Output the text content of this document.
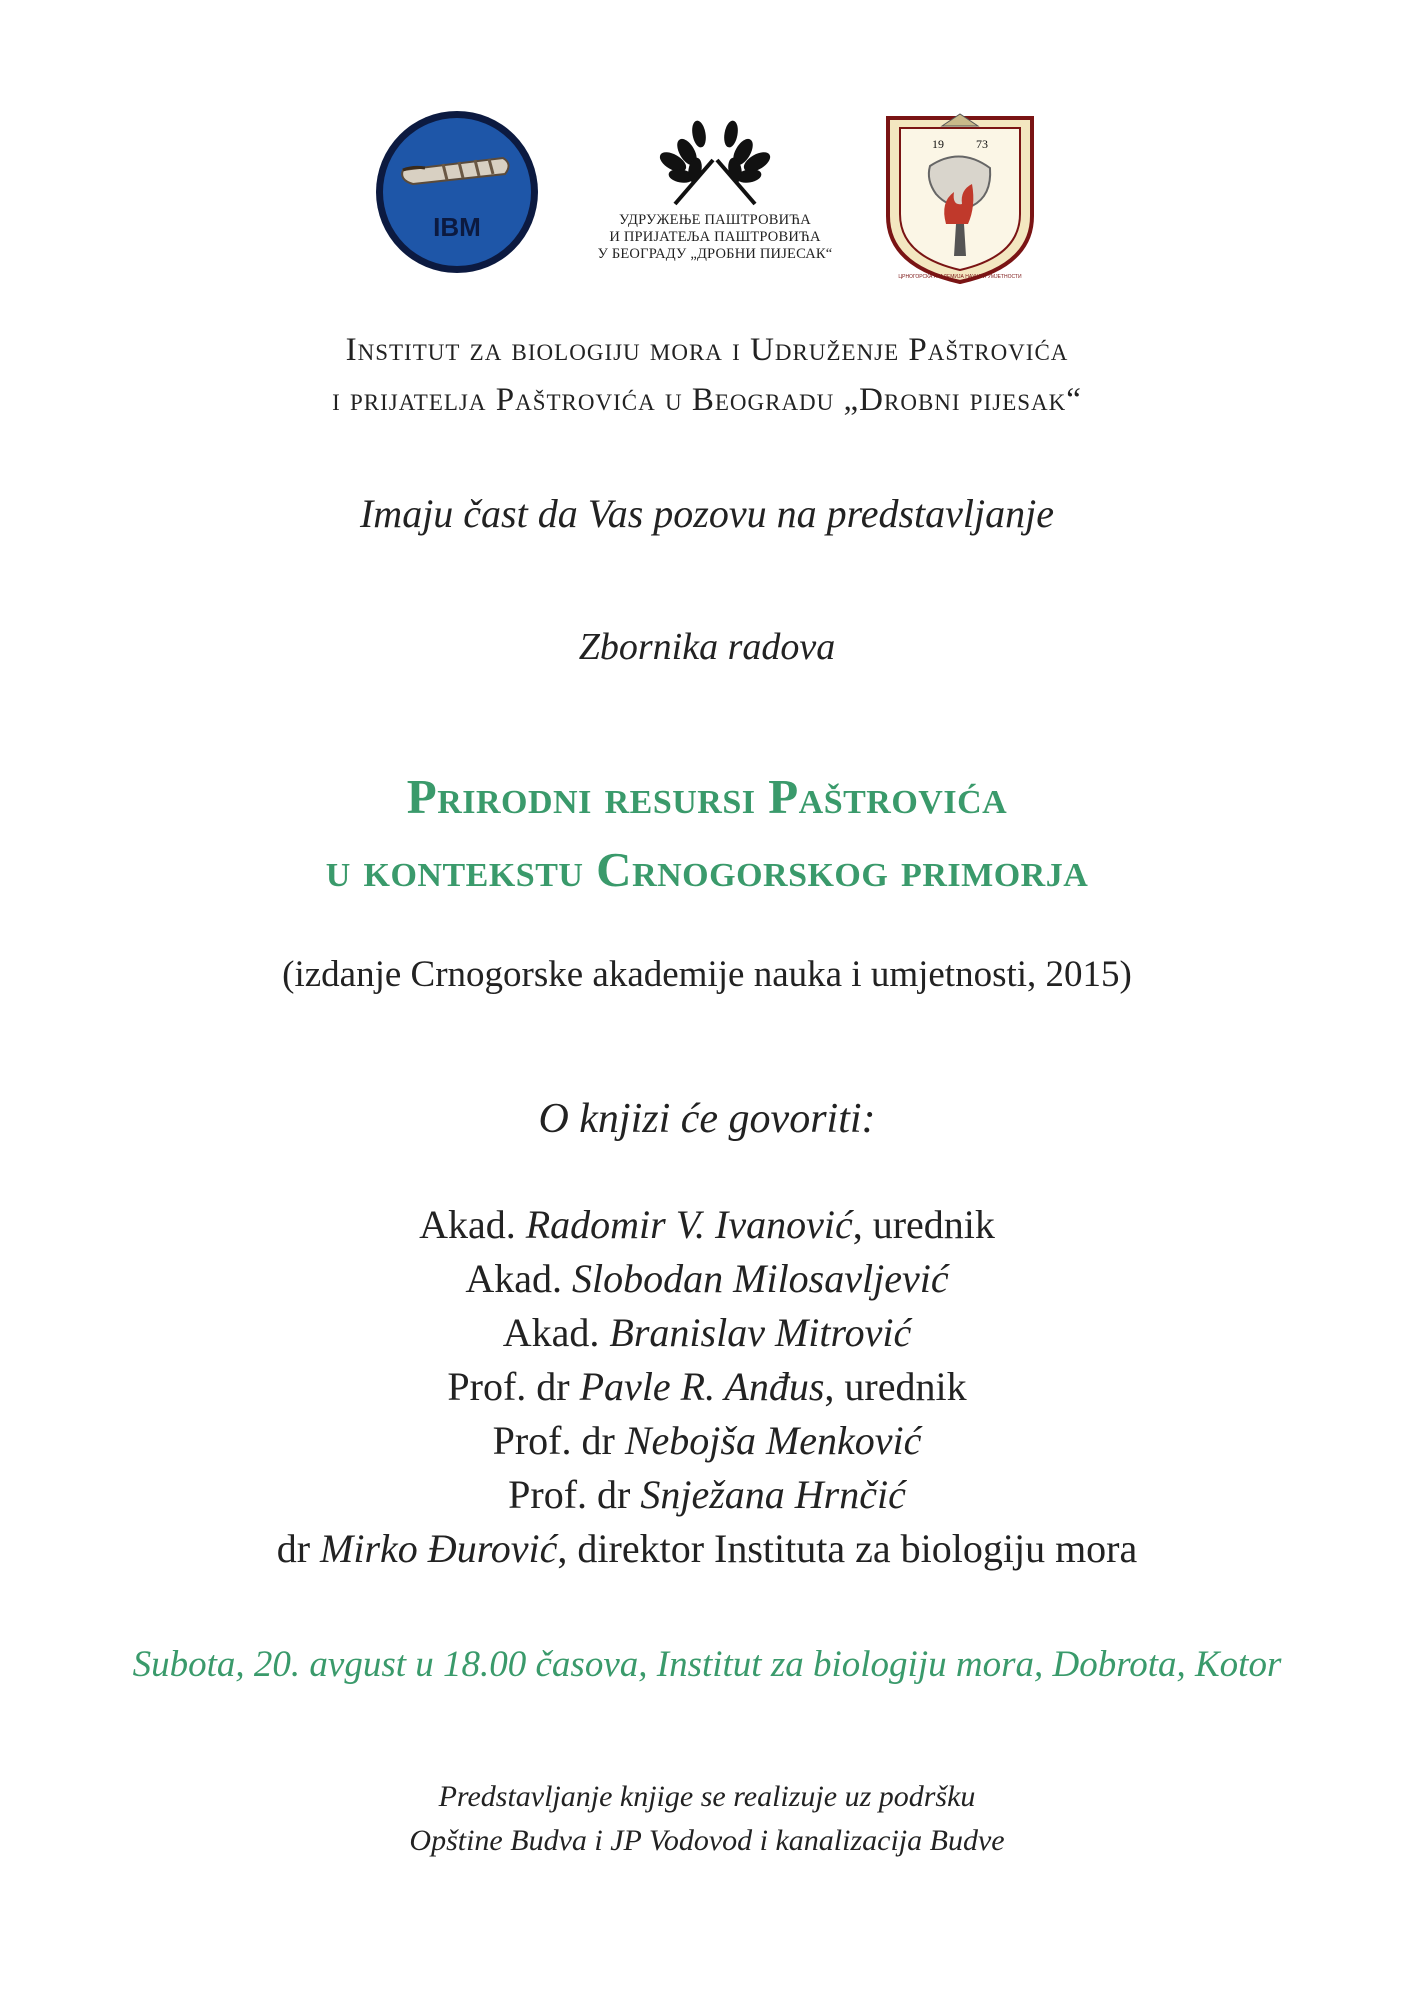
IBM	УДРУЖЕЊЕ ПАШТРОВИЋА
И ПРИЈАТЕЉА ПАШТРОВИЋА
У БЕОГРАДУ „ДРОБНИ ПИЈЕСАК“
19	73
ЦРНОГОРСКА АКАДЕМИЈА НАУКА И УМЈЕТНОСТИ
Institut za biologiju mora i Udruženje Paštrovića
i prijatelja Paštrovića u Beogradu „Drobni pijesak“
Imaju čast da Vas pozovu na predstavljanje
Zbornika radova
Prirodni resursi Paštrovića
u kontekstu Crnogorskog primorja
(izdanje Crnogorske akademije nauka i umjetnosti, 2015)
O knjizi će govoriti:
Akad. Radomir V. Ivanović, urednik
Akad. Slobodan Milosavljević
Akad. Branislav Mitrović
Prof. dr Pavle R. Anđus, urednik
Prof. dr Nebojša Menković
Prof. dr Snježana Hrnčić
dr Mirko Đurović, direktor Instituta za biologiju mora
Subota, 20. avgust u 18.00 časova, Institut za biologiju mora, Dobrota, Kotor
Predstavljanje knjige se realizuje uz podršku
Opštine Budva i JP Vodovod i kanalizacija Budve
